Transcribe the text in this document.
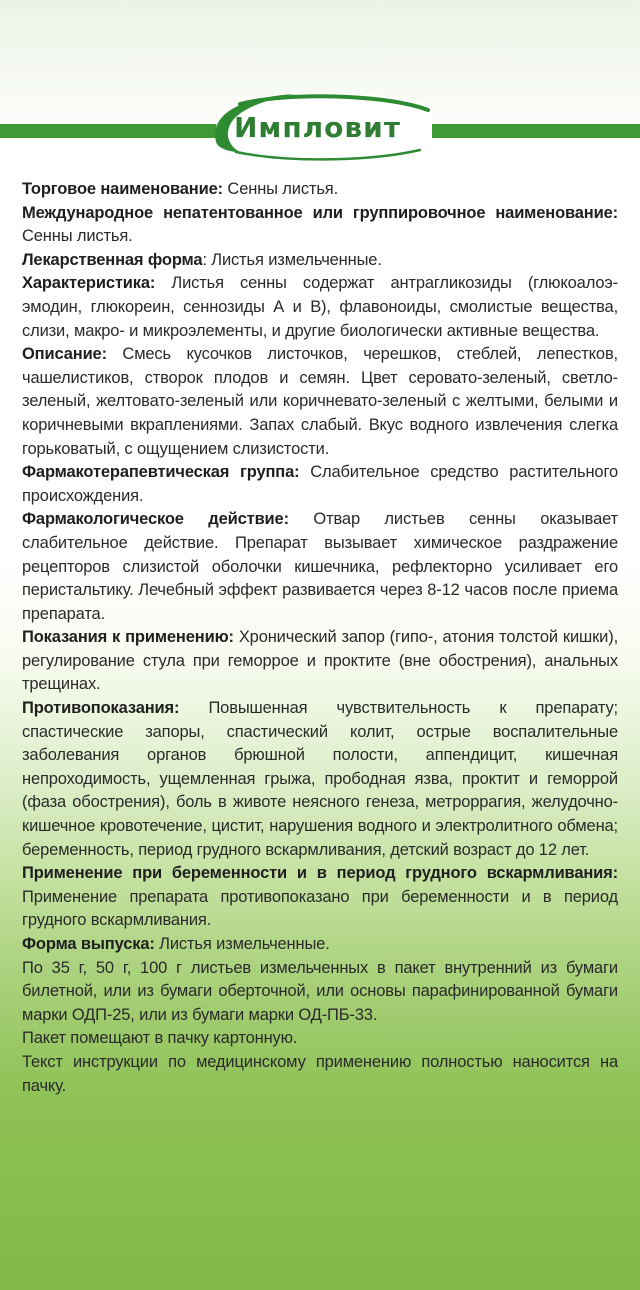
Импловит

Торговое наименование: Сенны листья.

Международное непатентованное или группировочное наименование: Сенны листья.

Лекарственная форма: Листья измельченные.

Характеристика: Листья сенны содержат антрагликозиды (глюкоалоэ-эмодин, глюкореин, сеннозиды А и В), флавоноиды, смолистые вещества, слизи, макро- и микроэлементы, и другие биологически активные вещества.

Описание: Смесь кусочков листочков, черешков, стеблей, лепестков, чашелистиков, створок плодов и семян. Цвет серовато-зеленый, светло-зеленый, желтовато-зеленый или коричневато-зеленый с желтыми, белыми и коричневыми вкраплениями. Запах слабый. Вкус водного извлечения слегка горьковатый, с ощущением слизистости.

Фармакотерапевтическая группа: Слабительное средство растительного происхождения.

Фармакологическое действие: Отвар листьев сенны оказывает слабительное действие. Препарат вызывает химическое раздражение рецепторов слизистой оболочки кишечника, рефлекторно усиливает его перистальтику. Лечебный эффект развивается через 8-12 часов после приема препарата.

Показания к применению: Хронический запор (гипо-, атония толстой кишки), регулирование стула при геморрое и проктите (вне обострения), анальных трещинах.

Противопоказания: Повышенная чувствительность к препарату; спастические запоры, спастический колит, острые воспалительные заболевания органов брюшной полости, аппендицит, кишечная непроходимость, ущемленная грыжа, прободная язва, проктит и геморрой (фаза обострения), боль в животе неясного генеза, метроррагия, желудочно-кишечное кровотечение, цистит, нарушения водного и электролитного обмена; беременность, период грудного вскармливания, детский возраст до 12 лет.

Применение при беременности и в период грудного вскармливания: Применение препарата противопоказано при беременности и в период грудного вскармливания.

Форма выпуска: Листья измельченные.

По 35 г, 50 г, 100 г листьев измельченных в пакет внутренний из бумаги билетной, или из бумаги оберточной, или основы парафинированной бумаги марки ОДП-25, или из бумаги марки ОД-ПБ-33.

Пакет помещают в пачку картонную.

Текст инструкции по медицинскому применению полностью наносится на пачку.
